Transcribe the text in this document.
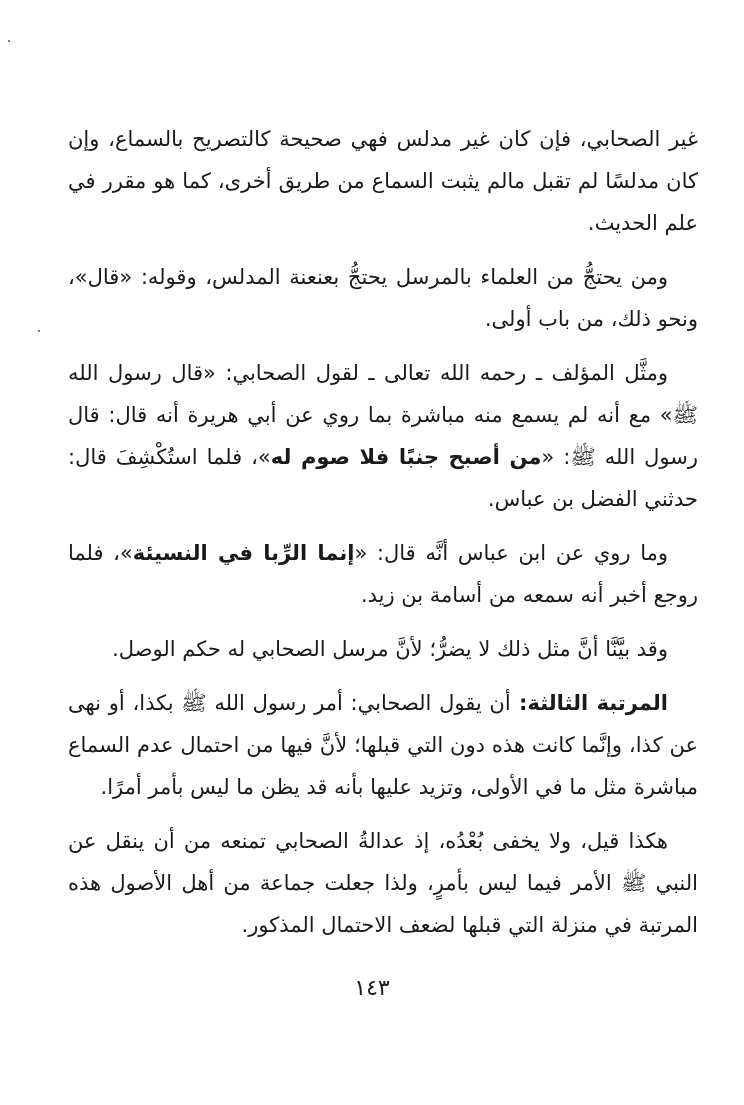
غير الصحابي، فإن كان غير مدلس فهي صحيحة كالتصريح بالسماع، وإن كان مدلسًا لم تقبل مالم يثبت السماع من طريق أخرى، كما هو مقرر في علم الحديث.

ومن يحتجُّ من العلماء بالمرسل يحتجُّ بعنعنة المدلس، وقوله: «قال»، ونحو ذلك، من باب أولى.

ومثَّل المؤلف ـ رحمه الله تعالى ـ لقول الصحابي: «قال رسول الله ﷺ» مع أنه لم يسمع منه مباشرة بما روي عن أبي هريرة أنه قال: قال رسول الله ﷺ: «من أصبح جنبًا فلا صوم له»، فلما استُكْشِفَ قال: حدثني الفضل بن عباس.

وما روي عن ابن عباس أنَّه قال: «إنما الرِّبا في النسيئة»، فلما روجع أخبر أنه سمعه من أسامة بن زيد.

وقد بيَّنَّا أنَّ مثل ذلك لا يضرُّ؛ لأنَّ مرسل الصحابي له حكم الوصل.

المرتبة الثالثة: أن يقول الصحابي: أمر رسول الله ﷺ بكذا، أو نهى عن كذا، وإنَّما كانت هذه دون التي قبلها؛ لأنَّ فيها من احتمال عدم السماع مباشرة مثل ما في الأولى، وتزيد عليها بأنه قد يظن ما ليس بأمر أمرًا.

هكذا قيل، ولا يخفى بُعْدُه، إذ عدالةُ الصحابي تمنعه من أن ينقل عن النبي ﷺ الأمر فيما ليس بأمرٍ، ولذا جعلت جماعة من أهل الأصول هذه المرتبة في منزلة التي قبلها لضعف الاحتمال المذكور.

١٤٣
